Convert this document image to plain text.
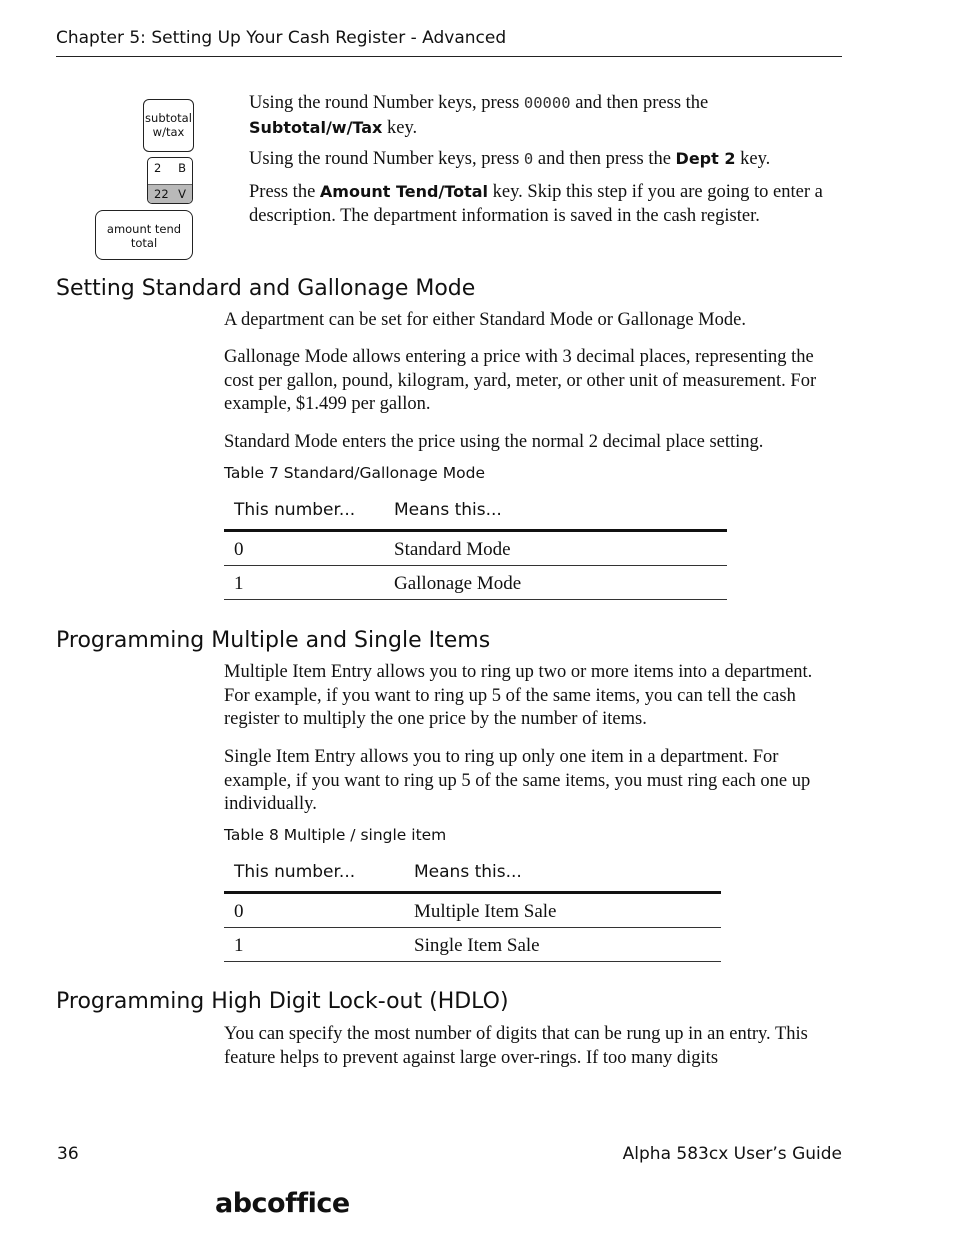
Chapter 5: Setting Up Your Cash Register - Advanced
subtotal
w/tax
2 B
22 V
amount tend
total
Using the round Number keys, press 00000 and then press the
Subtotal/w/Tax key.
Using the round Number keys, press 0 and then press the Dept 2 key.
Press the Amount Tend/Total key. Skip this step if you are going to enter a description. The department information is saved in the cash register.
Setting Standard and Gallonage Mode
A department can be set for either Standard Mode or Gallonage Mode.
Gallonage Mode allows entering a price with 3 decimal places, representing the cost per gallon, pound, kilogram, yard, meter, or other unit of measurement. For example, $1.499 per gallon.
Standard Mode enters the price using the normal 2 decimal place setting.
Table 7 Standard/Gallonage Mode
This number... Means this...
0	Standard Mode
1	Gallonage Mode
Programming Multiple and Single Items
Multiple Item Entry allows you to ring up two or more items into a department. For example, if you want to ring up 5 of the same items, you can tell the cash register to multiply the one price by the number of items.
Single Item Entry allows you to ring up only one item in a department. For example, if you want to ring up 5 of the same items, you must ring each one up individually.
Table 8 Multiple / single item
This number...	Means this...
0	Multiple Item Sale
1	Single Item Sale
Programming High Digit Lock-out (HDLO)
You can specify the most number of digits that can be rung up in an entry. This feature helps to prevent against large over-rings. If too many digits
36	Alpha 583cx User’s Guide
abcoffice
